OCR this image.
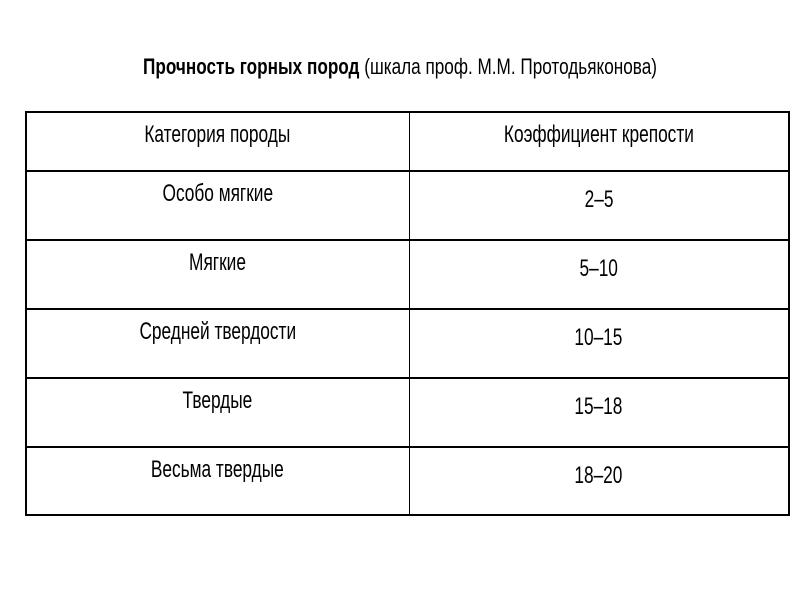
Прочность горных пород (шкала проф. М.М. Протодьяконова)
Категория породы	Коэффициент крепости
Особо мягкие	2–5
Мягкие	5–10
Средней твердости	10–15
Твердые	15–18
Весьма твердые	18–20
